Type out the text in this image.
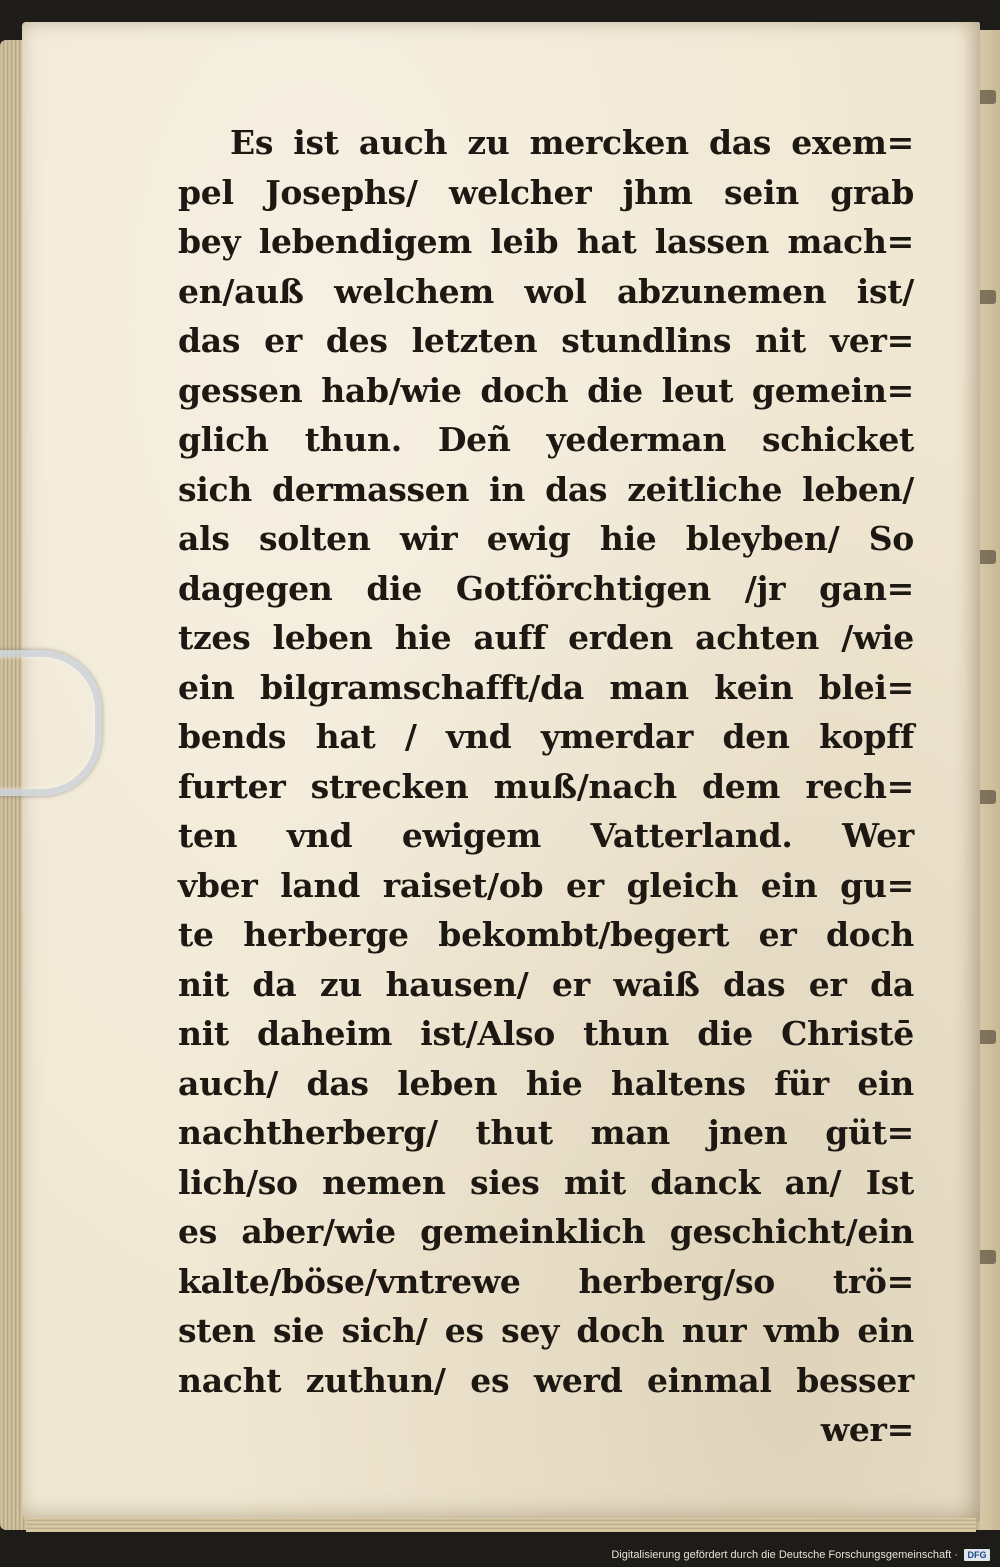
Es ist auch zu mercken das exem=
pel Josephs/ welcher jhm sein grab
bey lebendigem leib hat lassen mach=
en/auß welchem wol abzunemen ist/
das er des letzten stundlins nit ver=
gessen hab/wie doch die leut gemein=
glich thun. Deñ yederman schicket
sich dermassen in das zeitliche leben/
als solten wir ewig hie bleyben/ So
dagegen die Gotförchtigen /jr gan=
tzes leben hie auff erden achten /wie
ein bilgramschafft/da man kein blei=
bends hat / vnd ymerdar den kopff
furter strecken muß/nach dem rech=
ten vnd ewigem Vatterland. Wer
vber land raiset/ob er gleich ein gu=
te herberge bekombt/begert er doch
nit da zu hausen/ er waiß das er da
nit daheim ist/Also thun die Christē
auch/ das leben hie haltens für ein
nachtherberg/ thut man jnen güt=
lich/so nemen sies mit danck an/ Ist
es aber/wie gemeinklich geschicht/ein
kalte/böse/vntrewe herberg/so trö=
sten sie sich/ es sey doch nur vmb ein
nacht zuthun/ es werd einmal besser
wer=
Digitalisierung gefördert durch die Deutsche Forschungsgemeinschaft ·	DFG
